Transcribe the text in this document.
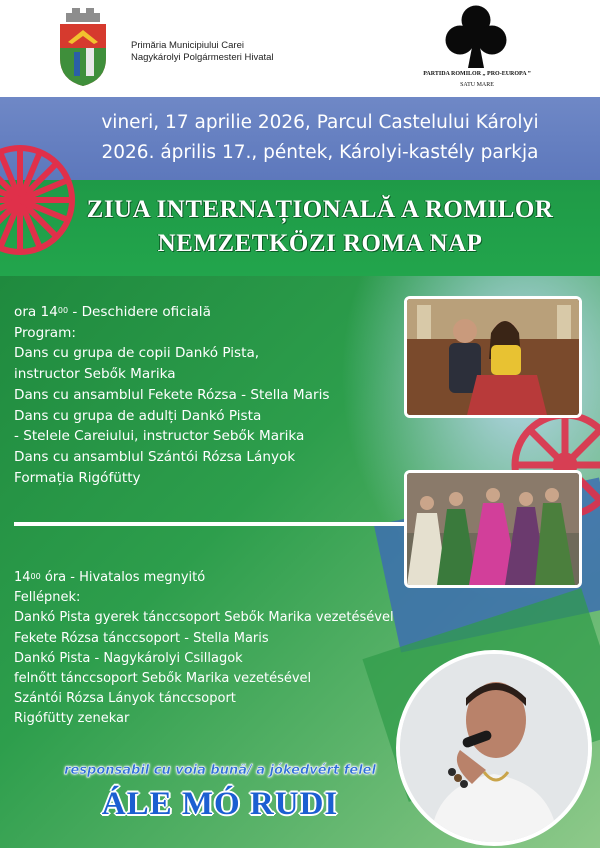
Primăria Municipiului Carei
Nagykárolyi Polgármesteri Hivatal
PARTIDA ROMILOR „ PRO-EUROPA ”
SATU MARE
vineri, 17 aprilie 2026, Parcul Castelului Károlyi
2026. április 17., péntek, Károlyi-kastély parkja
ZIUA INTERNAȚIONALĂ A ROMILOR
NEMZETKÖZI ROMA NAP
ora $14^{00}$ - Deschidere oficială
Program:
Dans cu grupa de copii Dankó Pista,
instructor Sebők Marika
Dans cu ansamblul Fekete Rózsa - Stella Maris
Dans cu grupa de adulți Dankó Pista
- Stelele Careiului, instructor Sebők Marika
Dans cu ansamblul Szántói Rózsa Lányok
Formația Rigófütty
$14^{00}$ óra - Hivatalos megnyitó
Fellépnek:
Dankó Pista gyerek tánccsoport Sebők Marika vezetésével
Fekete Rózsa tánccsoport - Stella Maris
Dankó Pista - Nagykárolyi Csillagok
felnőtt tánccsoport Sebők Marika vezetésével
Szántói Rózsa Lányok tánccsoport
Rigófütty zenekar
responsabil cu voia bună/ a jókedvért felel
ÁLE MÓ RUDI
